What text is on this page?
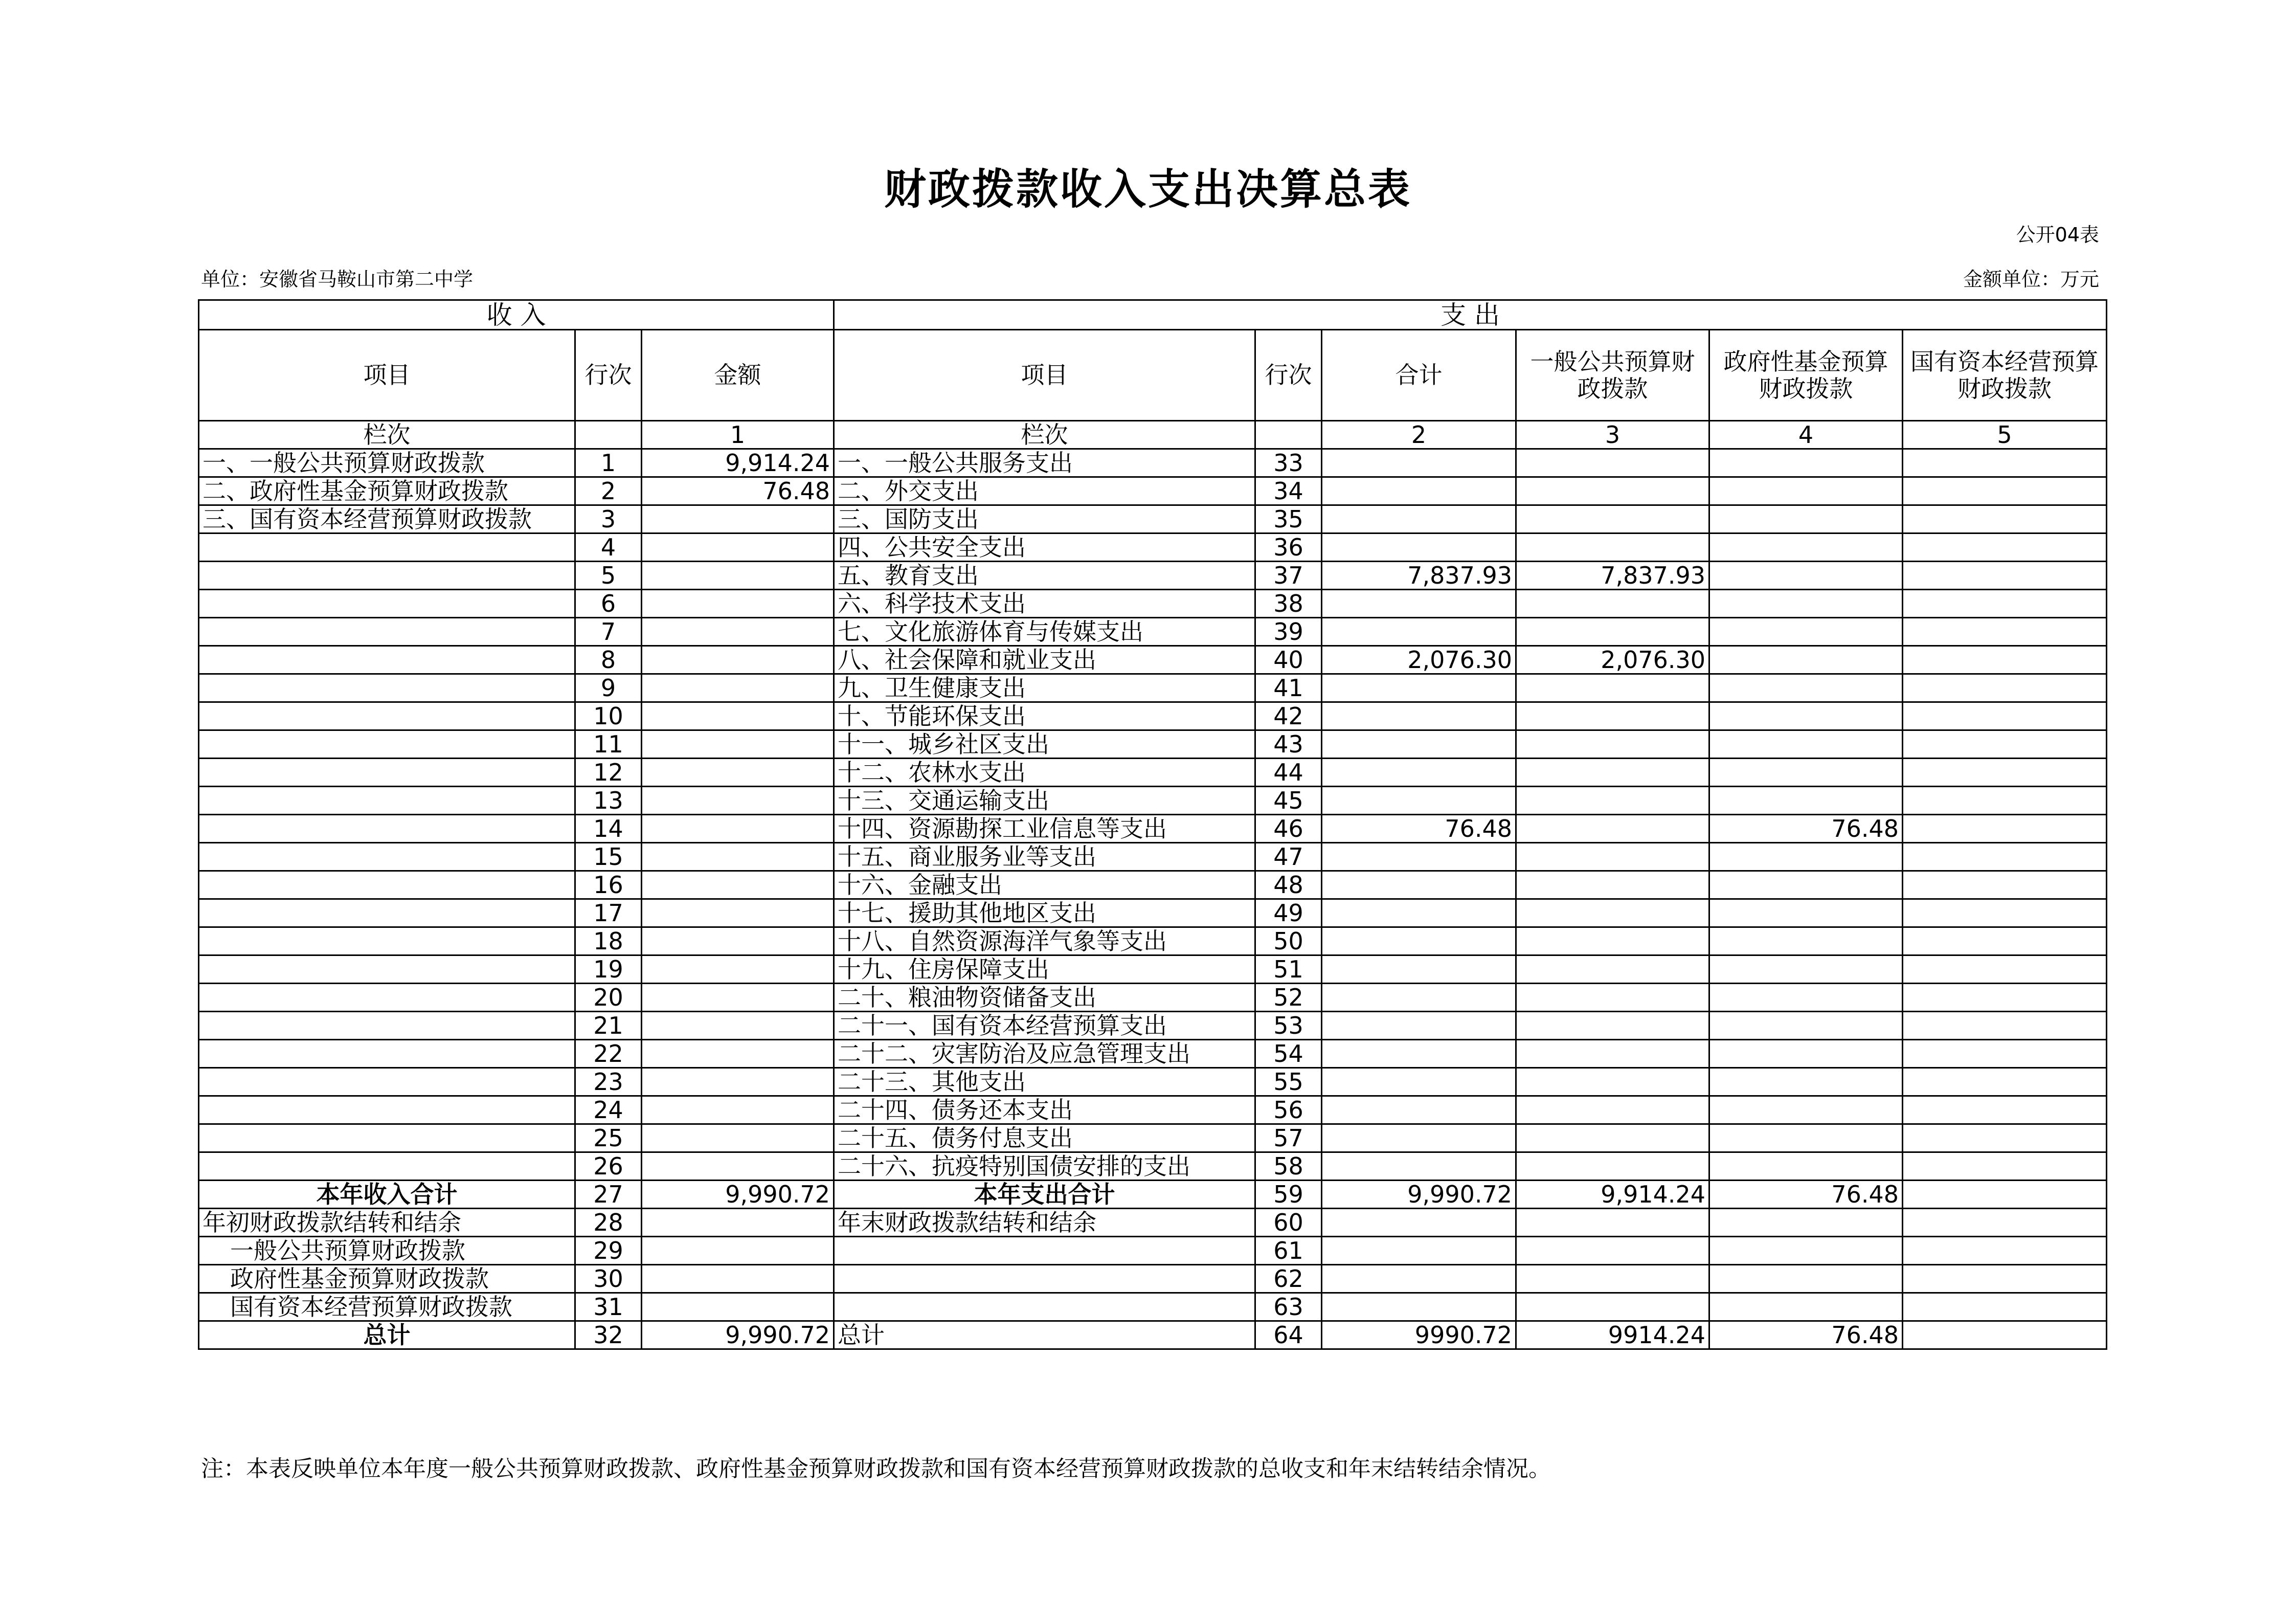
财政拨款收入支出决算总表
公开04表
单位：安徽省马鞍山市第二中学	金额单位：万元
收 入			支 出					
项目	行次	金额	项目	行次	合计	一般公共预算财政拨款	政府性基金预算财政拨款	国有资本经营预算财政拨款
栏次		1	栏次		2	3	4	5
一、一般公共预算财政拨款	1	9,914.24	一、一般公共服务支出	33				
二、政府性基金预算财政拨款	2	76.48	二、外交支出	34				
三、国有资本经营预算财政拨款	3		三、国防支出	35				
	4		四、公共安全支出	36				
	5		五、教育支出	37	7,837.93	7,837.93		
	6		六、科学技术支出	38				
	7		七、文化旅游体育与传媒支出	39				
	8		八、社会保障和就业支出	40	2,076.30	2,076.30		
	9		九、卫生健康支出	41				
	10		十、节能环保支出	42				
	11		十一、城乡社区支出	43				
	12		十二、农林水支出	44				
	13		十三、交通运输支出	45				
	14		十四、资源勘探工业信息等支出	46	76.48		76.48	
	15		十五、商业服务业等支出	47				
	16		十六、金融支出	48				
	17		十七、援助其他地区支出	49				
	18		十八、自然资源海洋气象等支出	50				
	19		十九、住房保障支出	51				
	20		二十、粮油物资储备支出	52				
	21		二十一、国有资本经营预算支出	53				
	22		二十二、灾害防治及应急管理支出	54				
	23		二十三、其他支出	55				
	24		二十四、债务还本支出	56				
	25		二十五、债务付息支出	57				
	26		二十六、抗疫特别国债安排的支出	58				
本年收入合计	27	9,990.72	本年支出合计	59	9,990.72	9,914.24	76.48	
年初财政拨款结转和结余	28		年末财政拨款结转和结余	60				
一般公共预算财政拨款	29			61				
政府性基金预算财政拨款	30			62				
国有资本经营预算财政拨款	31			63				
总计	32	9,990.72	总计	64	9990.72	9914.24	76.48	
注：本表反映单位本年度一般公共预算财政拨款、政府性基金预算财政拨款和国有资本经营预算财政拨款的总收支和年末结转结余情况。
